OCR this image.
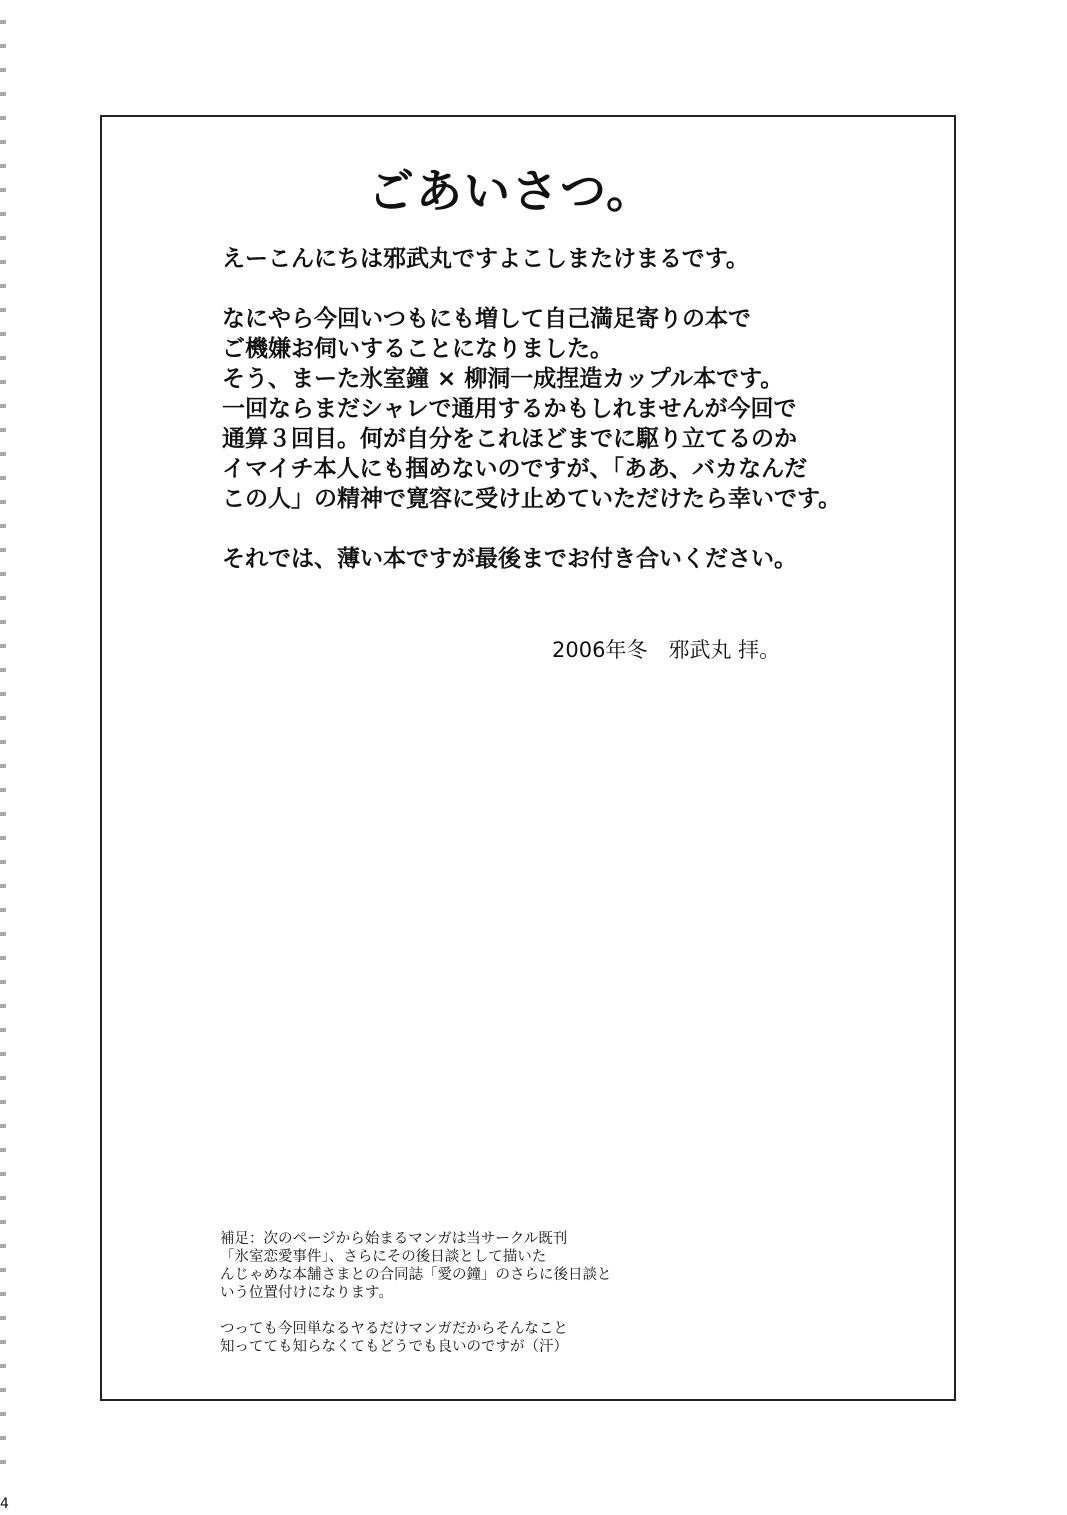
ごあいさつ。

えーこんにちは邪武丸ですよこしまたけまるです。

なにやら今回いつもにも増して自己満足寄りの本で
ご機嫌お伺いすることになりました。
そう、まーた氷室鐘 × 柳洞一成捏造カップル本です。
一回ならまだシャレで通用するかもしれませんが今回で
通算３回目。何が自分をこれほどまでに駆り立てるのか
イマイチ本人にも掴めないのですが、「ああ、バカなんだ
この人」の精神で寛容に受け止めていただけたら幸いです。

それでは、薄い本ですが最後までお付き合いください。

2006年冬　邪武丸 拝。

補足：次のページから始まるマンガは当サークル既刊
「氷室恋愛事件」、さらにその後日談として描いた
んじゃめな本舗さまとの合同誌「愛の鐘」のさらに後日談と
いう位置付けになります。

つっても今回単なるヤるだけマンガだからそんなこと
知ってても知らなくてもどうでも良いのですが（汗）

4
